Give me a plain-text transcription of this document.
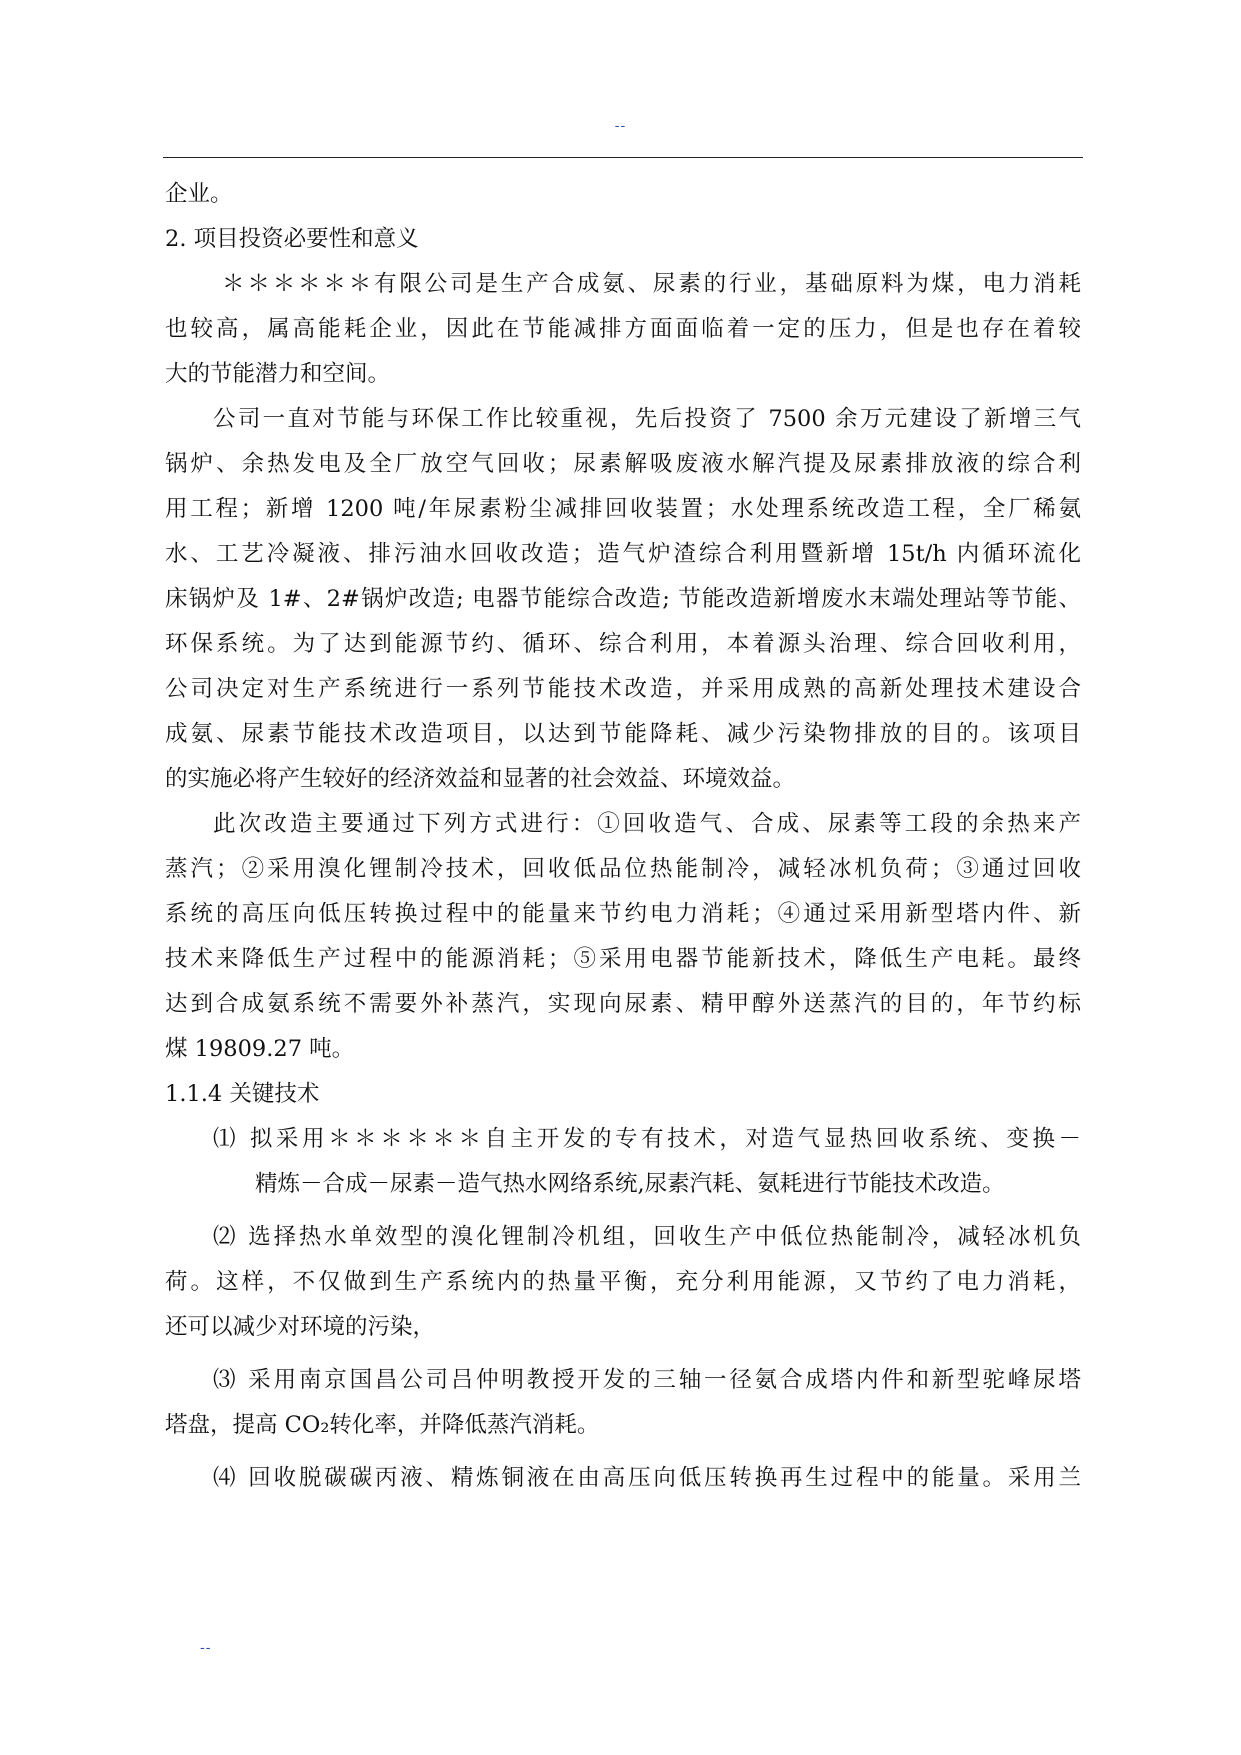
--
企业。
2. 项目投资必要性和意义
＊＊＊＊＊＊有限公司是生产合成氨、尿素的行业，基础原料为煤，电力消耗
也较高，属高能耗企业，因此在节能减排方面面临着一定的压力，但是也存在着较
大的节能潜力和空间。
公司一直对节能与环保工作比较重视，先后投资了 7500 余万元建设了新增三气
锅炉、余热发电及全厂放空气回收；尿素解吸废液水解汽提及尿素排放液的综合利
用工程；新增 1200 吨/年尿素粉尘减排回收装置；水处理系统改造工程，全厂稀氨
水、工艺冷凝液、排污油水回收改造；造气炉渣综合利用暨新增 15t/h 内循环流化
床锅炉及 1#、2#锅炉改造; 电器节能综合改造; 节能改造新增废水末端处理站等节能、
环保系统。为了达到能源节约、循环、综合利用，本着源头治理、综合回收利用，
公司决定对生产系统进行一系列节能技术改造，并采用成熟的高新处理技术建设合
成氨、尿素节能技术改造项目，以达到节能降耗、减少污染物排放的目的。该项目
的实施必将产生较好的经济效益和显著的社会效益、环境效益。
此次改造主要通过下列方式进行：①回收造气、合成、尿素等工段的余热来产
蒸汽；②采用溴化锂制冷技术，回收低品位热能制冷，减轻冰机负荷；③通过回收
系统的高压向低压转换过程中的能量来节约电力消耗；④通过采用新型塔内件、新
技术来降低生产过程中的能源消耗；⑤采用电器节能新技术，降低生产电耗。最终
达到合成氨系统不需要外补蒸汽，实现向尿素、精甲醇外送蒸汽的目的，年节约标
煤 19809.27 吨。
1.1.4 关键技术
⑴ 拟采用＊＊＊＊＊＊自主开发的专有技术，对造气显热回收系统、变换－
精炼－合成－尿素－造气热水网络系统,尿素汽耗、氨耗进行节能技术改造。
⑵ 选择热水单效型的溴化锂制冷机组，回收生产中低位热能制冷，减轻冰机负
荷。这样，不仅做到生产系统内的热量平衡，充分利用能源，又节约了电力消耗，
还可以减少对环境的污染，
⑶ 采用南京国昌公司吕仲明教授开发的三轴一径氨合成塔内件和新型驼峰尿塔
塔盘，提高 CO₂转化率，并降低蒸汽消耗。
⑷ 回收脱碳碳丙液、精炼铜液在由高压向低压转换再生过程中的能量。采用兰
--
